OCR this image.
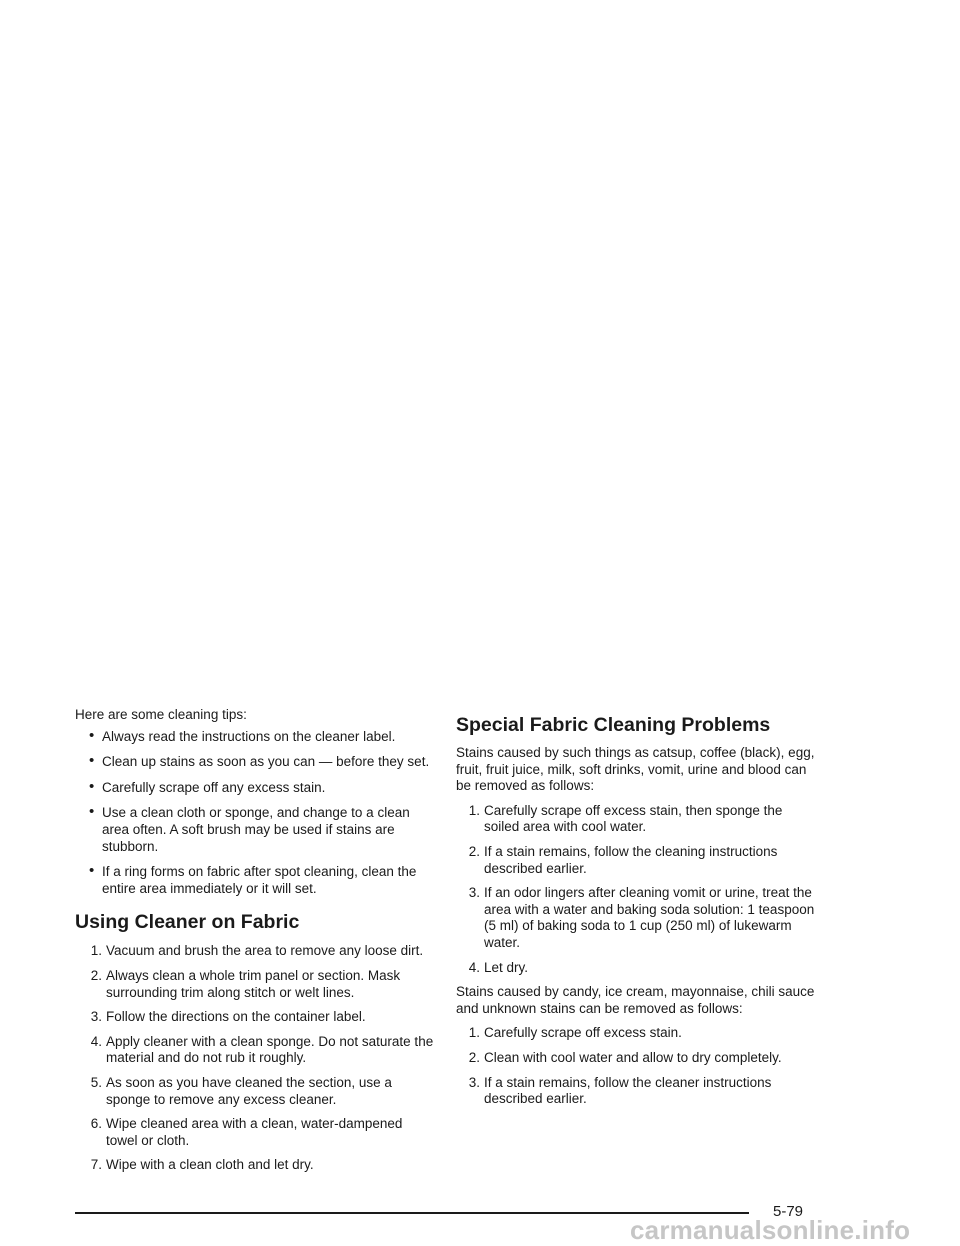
Here are some cleaning tips:

• Always read the instructions on the cleaner label.
• Clean up stains as soon as you can — before they set.
• Carefully scrape off any excess stain.
• Use a clean cloth or sponge, and change to a clean area often. A soft brush may be used if stains are stubborn.
• If a ring forms on fabric after spot cleaning, clean the entire area immediately or it will set.
Using Cleaner on Fabric
1. Vacuum and brush the area to remove any loose dirt.
2. Always clean a whole trim panel or section. Mask surrounding trim along stitch or welt lines.
3. Follow the directions on the container label.
4. Apply cleaner with a clean sponge. Do not saturate the material and do not rub it roughly.
5. As soon as you have cleaned the section, use a sponge to remove any excess cleaner.
6. Wipe cleaned area with a clean, water-dampened towel or cloth.
7. Wipe with a clean cloth and let dry.
Special Fabric Cleaning Problems

Stains caused by such things as catsup, coffee (black), egg, fruit, fruit juice, milk, soft drinks, vomit, urine and blood can be removed as follows:

1. Carefully scrape off excess stain, then sponge the soiled area with cool water.
2. If a stain remains, follow the cleaning instructions described earlier.
3. If an odor lingers after cleaning vomit or urine, treat the area with a water and baking soda solution: 1 teaspoon (5 ml) of baking soda to 1 cup (250 ml) of lukewarm water.
4. Let dry.

Stains caused by candy, ice cream, mayonnaise, chili sauce and unknown stains can be removed as follows:

1. Carefully scrape off excess stain.
2. Clean with cool water and allow to dry completely.
3. If a stain remains, follow the cleaner instructions described earlier.
5-79
carmanualsonline.info
